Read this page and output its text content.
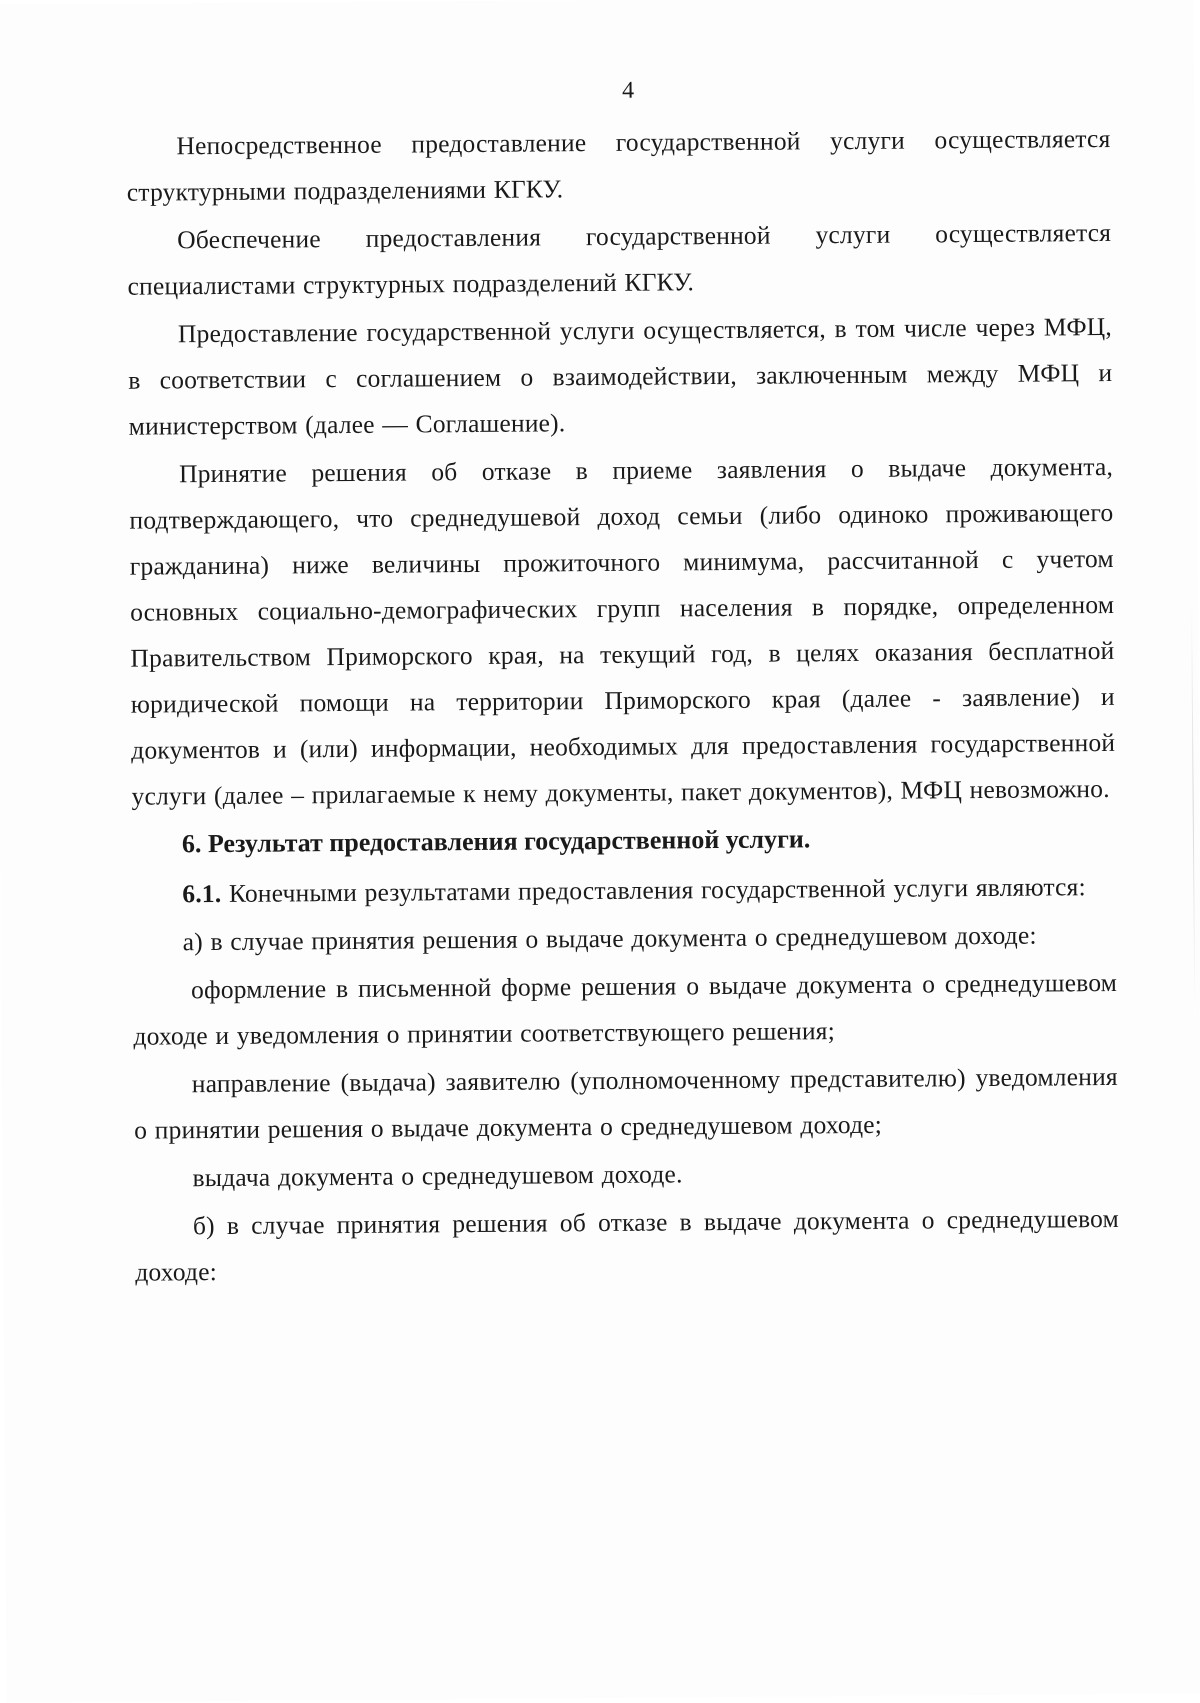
4

Непосредственное предоставление государственной услуги осуществляется структурными подразделениями КГКУ.

Обеспечение предоставления государственной услуги осуществляется специалистами структурных подразделений КГКУ.

Предоставление государственной услуги осуществляется, в том числе через МФЦ, в соответствии с соглашением о взаимодействии, заключенным между МФЦ и министерством (далее — Соглашение).

Принятие решения об отказе в приеме заявления о выдаче документа, подтверждающего, что среднедушевой доход семьи (либо одиноко проживающего гражданина) ниже величины прожиточного минимума, рассчитанной с учетом основных социально-демографических групп населения в порядке, определенном Правительством Приморского края, на текущий год, в целях оказания бесплатной юридической помощи на территории Приморского края (далее - заявление) и документов и (или) информации, необходимых для предоставления государственной услуги (далее – прилагаемые к нему документы, пакет документов), МФЦ невозможно.

6. Результат предоставления государственной услуги.

6.1. Конечными результатами предоставления государственной услуги являются:

а) в случае принятия решения о выдаче документа о среднедушевом доходе:

оформление в письменной форме решения о выдаче документа о среднедушевом доходе и уведомления о принятии соответствующего решения;

направление (выдача) заявителю (уполномоченному представителю) уведомления о принятии решения о выдаче документа о среднедушевом доходе;

выдача документа о среднедушевом доходе.

б) в случае принятия решения об отказе в выдаче документа о среднедушевом доходе:
